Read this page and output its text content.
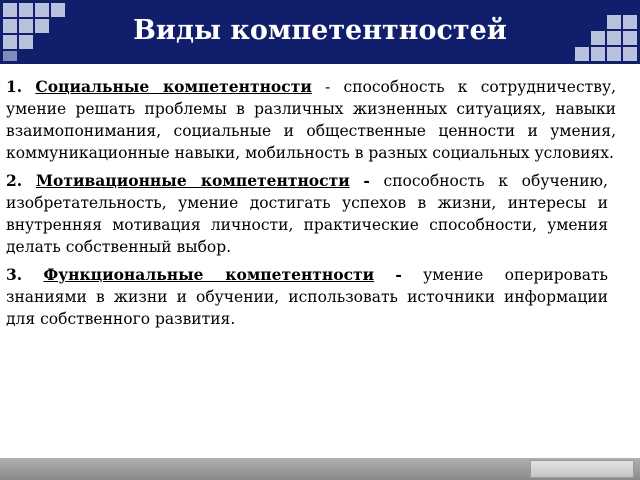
Виды компетентностей

1. Социальные компетентности - способность к сотрудничеству, умение решать проблемы в различных жизненных ситуациях, навыки взаимопонимания, социальные и общественные ценности и умения, коммуникационные навыки, мобильность в разных социальных условиях.

2. Мотивационные компетентности - способность к обучению, изобретательность, умение достигать успехов в жизни, интересы и внутренняя мотивация личности, практические способности, умения делать собственный выбор.

3. Функциональные компетентности - умение оперировать знаниями в жизни и обучении, использовать источники информации для собственного развития.
